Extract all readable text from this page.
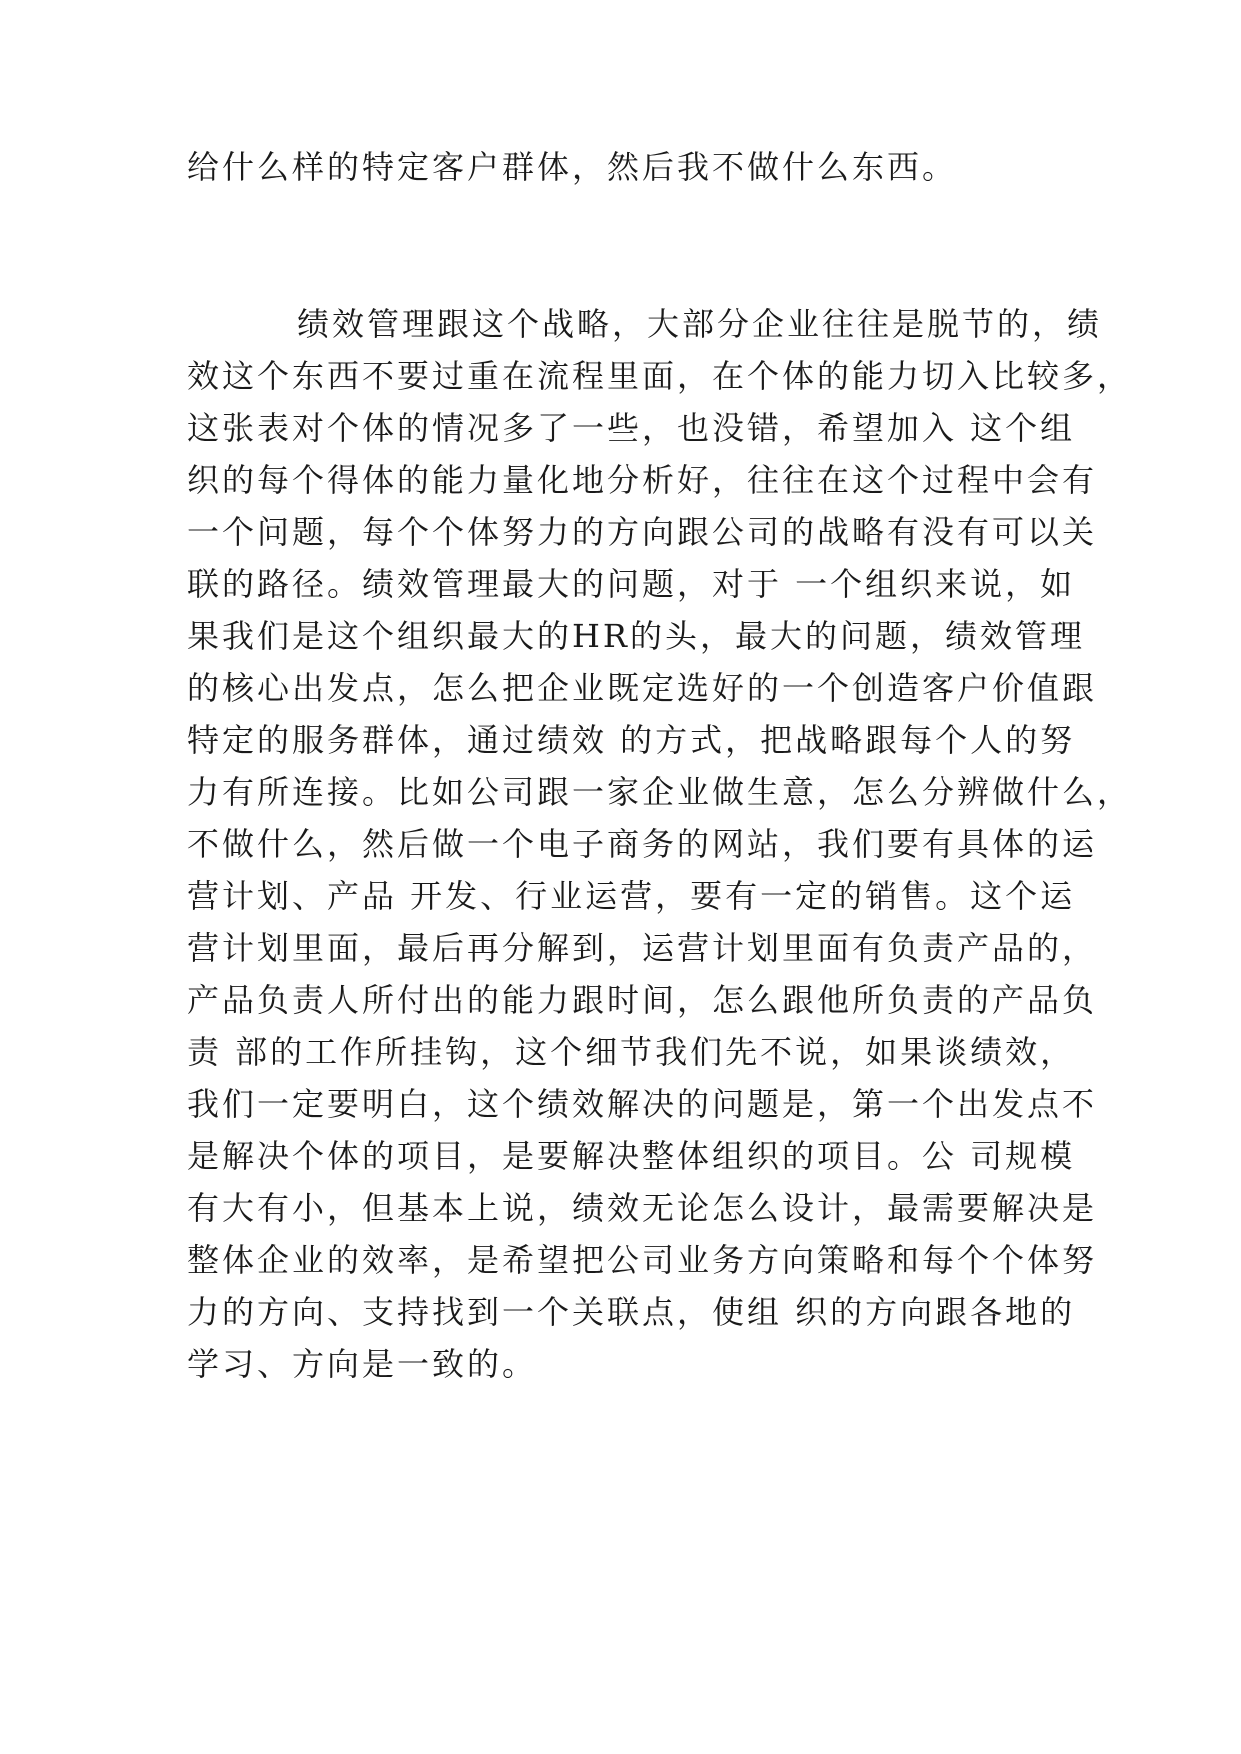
给什么样的特定客户群体，然后我不做什么东西。
绩效管理跟这个战略，大部分企业往往是脱节的，绩
效这个东西不要过重在流程里面，在个体的能力切入比较多，
这张表对个体的情况多了一些，也没错，希望加入 这个组
织的每个得体的能力量化地分析好，往往在这个过程中会有
一个问题，每个个体努力的方向跟公司的战略有没有可以关
联的路径。绩效管理最大的问题，对于 一个组织来说，如
果我们是这个组织最大的HR的头，最大的问题，绩效管理
的核心出发点，怎么把企业既定选好的一个创造客户价值跟
特定的服务群体，通过绩效 的方式，把战略跟每个人的努
力有所连接。比如公司跟一家企业做生意，怎么分辨做什么，
不做什么，然后做一个电子商务的网站，我们要有具体的运
营计划、产品 开发、行业运营，要有一定的销售。这个运
营计划里面，最后再分解到，运营计划里面有负责产品的，
产品负责人所付出的能力跟时间，怎么跟他所负责的产品负
责 部的工作所挂钩，这个细节我们先不说，如果谈绩效，
我们一定要明白，这个绩效解决的问题是，第一个出发点不
是解决个体的项目，是要解决整体组织的项目。公 司规模
有大有小，但基本上说，绩效无论怎么设计，最需要解决是
整体企业的效率，是希望把公司业务方向策略和每个个体努
力的方向、支持找到一个关联点，使组 织的方向跟各地的
学习、方向是一致的。
